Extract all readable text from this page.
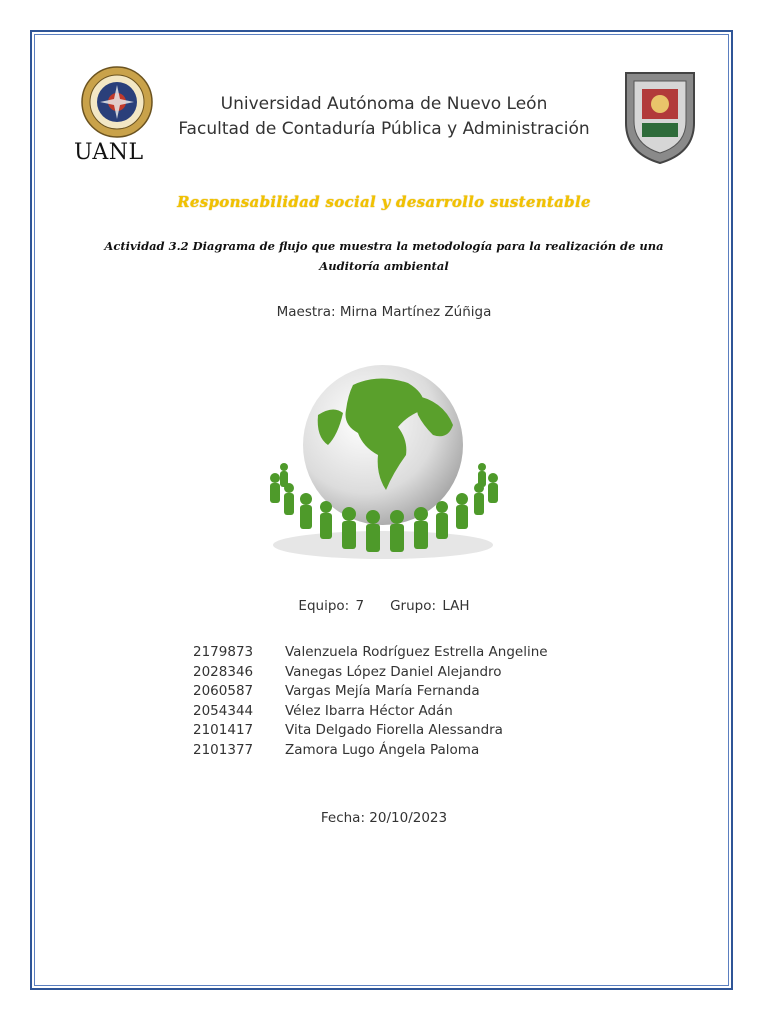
UANL
Universidad Autónoma de Nuevo León
Facultad de Contaduría Pública y Administración
Responsabilidad social y desarrollo sustentable
Actividad 3.2 Diagrama de flujo que muestra la metodología para la realización de una Auditoría ambiental
Maestra: Mirna Martínez Zúñiga
Equipo: 7 Grupo: LAH
2179873 Valenzuela Rodríguez Estrella Angeline
2028346 Vanegas López Daniel Alejandro
2060587 Vargas Mejía María Fernanda
2054344 Vélez Ibarra Héctor Adán
2101417 Vita Delgado Fiorella Alessandra
2101377 Zamora Lugo Ángela Paloma
Fecha: 20/10/2023
